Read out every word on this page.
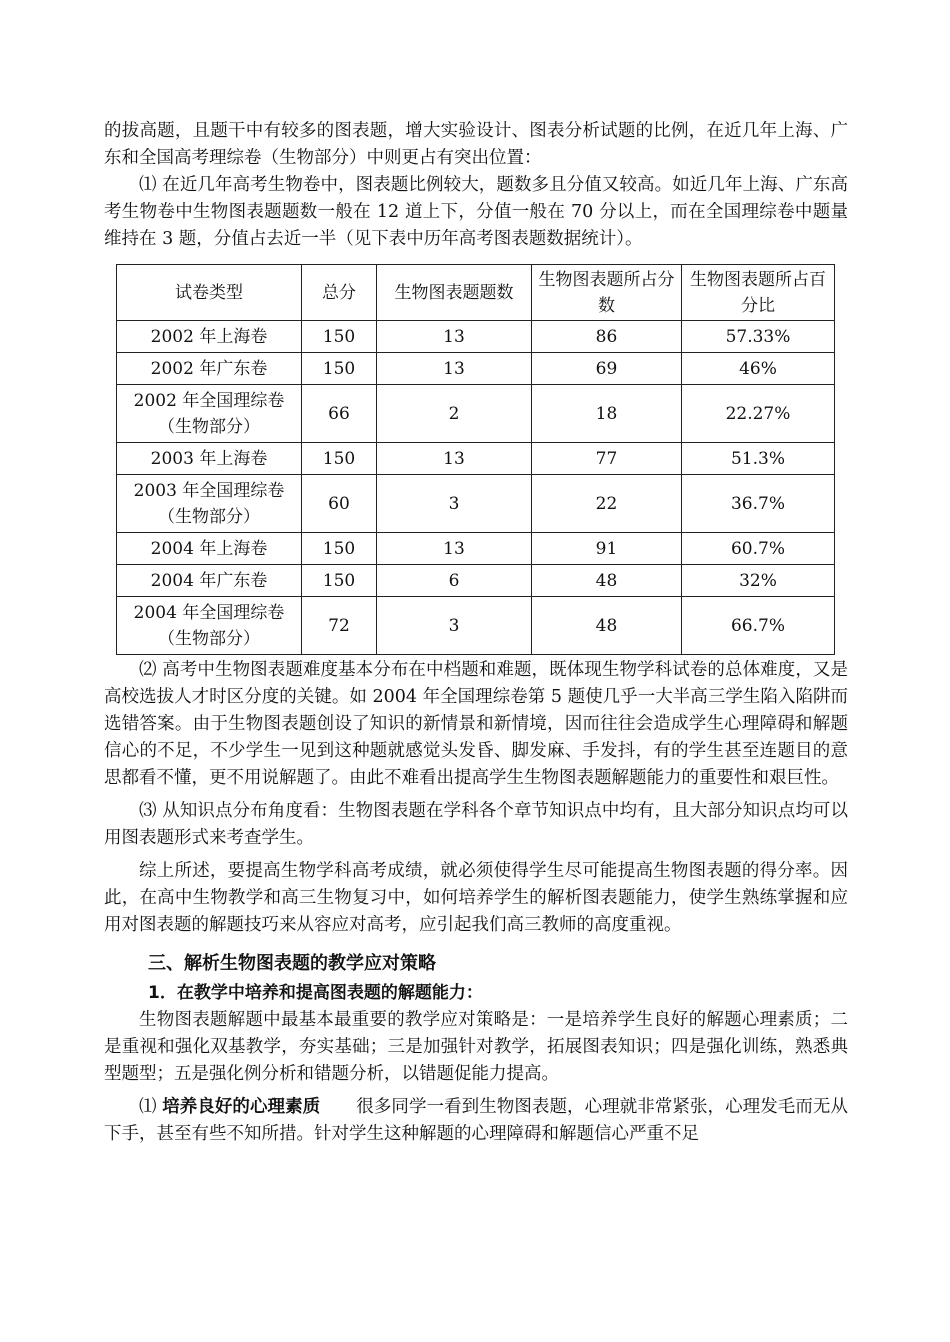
的拔高题，且题干中有较多的图表题，增大实验设计、图表分析试题的比例，在近几年上海、广东和全国高考理综卷（生物部分）中则更占有突出位置：

⑴ 在近几年高考生物卷中，图表题比例较大，题数多且分值又较高。如近几年上海、广东高考生物卷中生物图表题题数一般在 12 道上下，分值一般在 70 分以上，而在全国理综卷中题量维持在 3 题，分值占去近一半（见下表中历年高考图表题数据统计）。

试卷类型	总分	生物图表题题数	生物图表题所占分数	生物图表题所占百分比
2002 年上海卷	150	13	86	57.33%
2002 年广东卷	150	13	69	46%
2002 年全国理综卷（生物部分）	66	2	18	22.27%
2003 年上海卷	150	13	77	51.3%
2003 年全国理综卷（生物部分）	60	3	22	36.7%
2004 年上海卷	150	13	91	60.7%
2004 年广东卷	150	6	48	32%
2004 年全国理综卷（生物部分）	72	3	48	66.7%

⑵ 高考中生物图表题难度基本分布在中档题和难题，既体现生物学科试卷的总体难度，又是高校选拔人才时区分度的关键。如 2004 年全国理综卷第 5 题使几乎一大半高三学生陷入陷阱而选错答案。由于生物图表题创设了知识的新情景和新情境，因而往往会造成学生心理障碍和解题信心的不足，不少学生一见到这种题就感觉头发昏、脚发麻、手发抖，有的学生甚至连题目的意思都看不懂，更不用说解题了。由此不难看出提高学生生物图表题解题能力的重要性和艰巨性。

⑶ 从知识点分布角度看：生物图表题在学科各个章节知识点中均有，且大部分知识点均可以用图表题形式来考查学生。

综上所述，要提高生物学科高考成绩，就必须使得学生尽可能提高生物图表题的得分率。因此，在高中生物教学和高三生物复习中，如何培养学生的解析图表题能力，使学生熟练掌握和应用对图表题的解题技巧来从容应对高考，应引起我们高三教师的高度重视。

三、解析生物图表题的教学应对策略

1．在教学中培养和提高图表题的解题能力：

生物图表题解题中最基本最重要的教学应对策略是：一是培养学生良好的解题心理素质；二是重视和强化双基教学，夯实基础；三是加强针对教学，拓展图表知识；四是强化训练，熟悉典型题型；五是强化例分析和错题分析，以错题促能力提高。

⑴ 培养良好的心理素质 很多同学一看到生物图表题，心理就非常紧张，心理发毛而无从下手，甚至有些不知所措。针对学生这种解题的心理障碍和解题信心严重不足
